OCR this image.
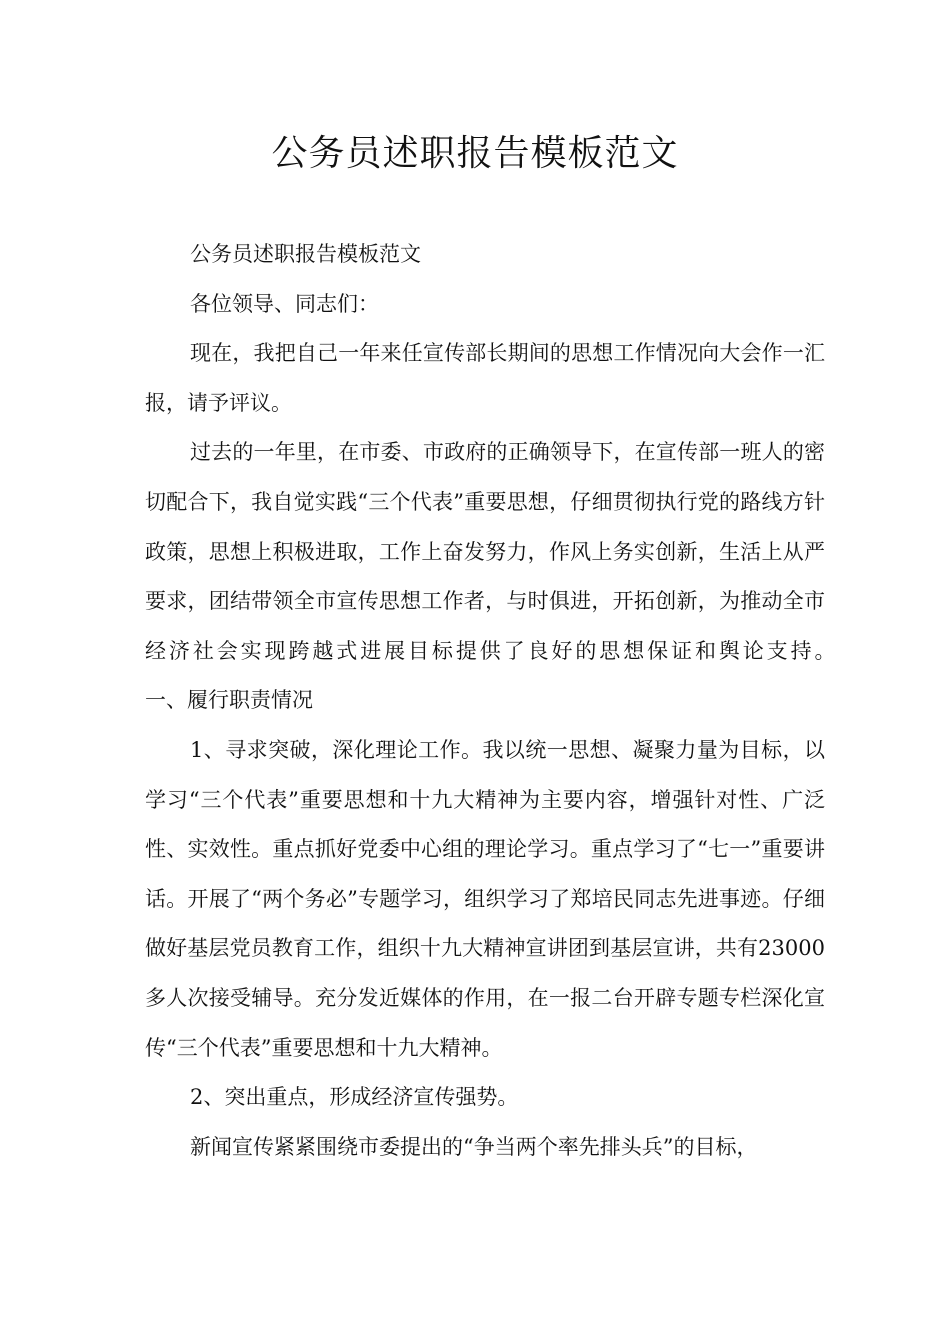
公务员述职报告模板范文

公务员述职报告模板范文

各位领导、同志们：

现在，我把自己一年来任宣传部长期间的思想工作情况向大会作一汇报，请予评议。

过去的一年里，在市委、市政府的正确领导下，在宣传部一班人的密切配合下，我自觉实践“三个代表”重要思想，仔细贯彻执行党的路线方针政策，思想上积极进取，工作上奋发努力，作风上务实创新，生活上从严要求，团结带领全市宣传思想工作者，与时俱进，开拓创新，为推动全市经济社会实现跨越式进展目标提供了良好的思想保证和舆论支持。　　一、履行职责情况

1、寻求突破，深化理论工作。我以统一思想、凝聚力量为目标，以学习“三个代表”重要思想和十九大精神为主要内容，增强针对性、广泛性、实效性。重点抓好党委中心组的理论学习。重点学习了“七一”重要讲话。开展了“两个务必”专题学习，组织学习了郑培民同志先进事迹。仔细做好基层党员教育工作，组织十九大精神宣讲团到基层宣讲，共有23000多人次接受辅导。充分发近媒体的作用，在一报二台开辟专题专栏深化宣传“三个代表”重要思想和十九大精神。

2、突出重点，形成经济宣传强势。

新闻宣传紧紧围绕市委提出的“争当两个率先排头兵”的目标，
